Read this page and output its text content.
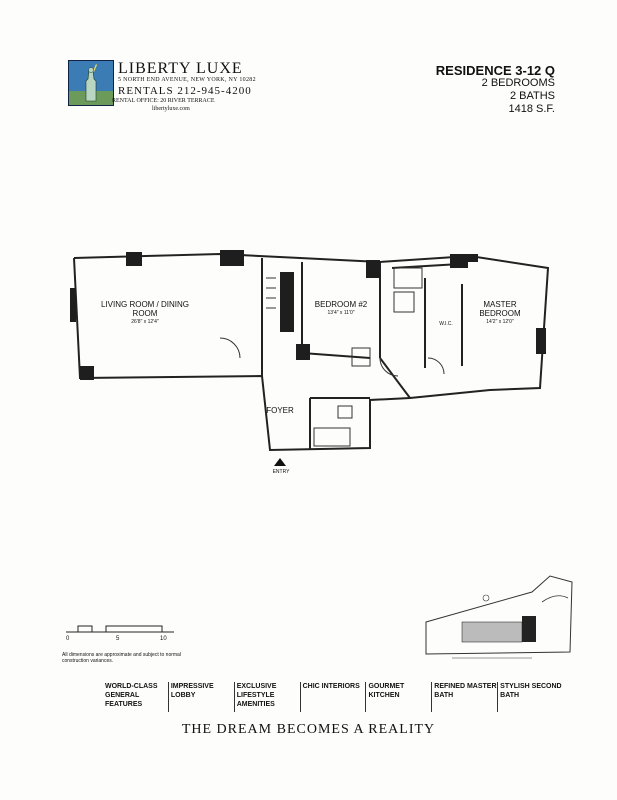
LIBERTY LUXE
5 NORTH END AVENUE, NEW YORK, NY 10282
RENTALS 212-945-4200
RENTAL OFFICE: 20 RIVER TERRACE
libertyluxe.com
RESIDENCE 3-12 Q
2 BEDROOMS
2 BATHS
1418 S.F.
LIVING ROOM / DINING ROOM
26'8" x 12'4"
BEDROOM #2
13'4" x 11'0"
MASTER BEDROOM
14'2" x 12'0"
FOYER
W.I.C.
ENTRY
0	5	10
All dimensions are approximate and subject to normal construction variances.
WORLD-CLASS GENERAL FEATURES
IMPRESSIVE LOBBY
EXCLUSIVE LIFESTYLE AMENITIES
CHIC INTERIORS	GOURMET KITCHEN
REFINED MASTER BATH
STYLISH SECOND BATH
THE DREAM BECOMES A REALITY
